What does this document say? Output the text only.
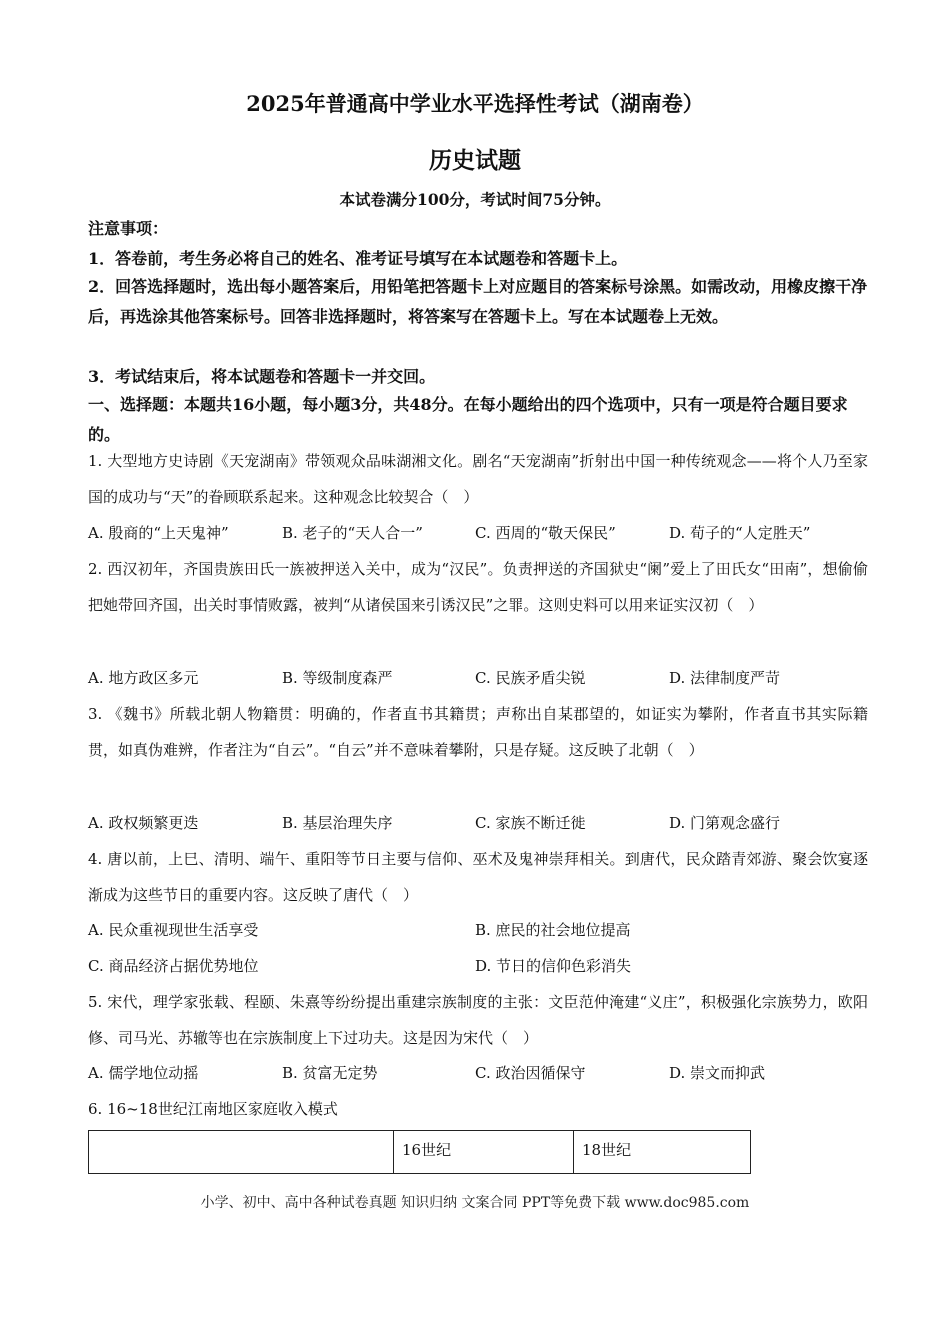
2025年普通高中学业水平选择性考试（湖南卷）
历史试题
本试卷满分100分，考试时间75分钟。
注意事项：
1．答卷前，考生务必将自己的姓名、准考证号填写在本试题卷和答题卡上。
2．回答选择题时，选出每小题答案后，用铅笔把答题卡上对应题目的答案标号涂黑。如需改动，用橡皮擦干净后，再选涂其他答案标号。回答非选择题时，将答案写在答题卡上。写在本试题卷上无效。
3．考试结束后，将本试题卷和答题卡一并交回。
一、选择题：本题共16小题，每小题3分，共48分。在每小题给出的四个选项中，只有一项是符合题目要求的。
1. 大型地方史诗剧《天宠湖南》带领观众品味湖湘文化。剧名“天宠湖南”折射出中国一种传统观念——将个人乃至家国的成功与“天”的眷顾联系起来。这种观念比较契合（　）
A. 殷商的“上天鬼神”	B. 老子的“天人合一”	C. 西周的“敬天保民”	D. 荀子的“人定胜天”
2. 西汉初年，齐国贵族田氏一族被押送入关中，成为“汉民”。负责押送的齐国狱史“阑”爱上了田氏女“田南”，想偷偷把她带回齐国，出关时事情败露，被判“从诸侯国来引诱汉民”之罪。这则史料可以用来证实汉初（　）
A. 地方政区多元	B. 等级制度森严	C. 民族矛盾尖锐	D. 法律制度严苛
3. 《魏书》所载北朝人物籍贯：明确的，作者直书其籍贯；声称出自某郡望的，如证实为攀附，作者直书其实际籍贯，如真伪难辨，作者注为“自云”。“自云”并不意味着攀附，只是存疑。这反映了北朝（　）
A. 政权频繁更迭	B. 基层治理失序	C. 家族不断迁徙	D. 门第观念盛行
4. 唐以前，上巳、清明、端午、重阳等节日主要与信仰、巫术及鬼神崇拜相关。到唐代，民众踏青郊游、聚会饮宴逐渐成为这些节日的重要内容。这反映了唐代（　）
A. 民众重视现世生活享受	B. 庶民的社会地位提高
C. 商品经济占据优势地位	D. 节日的信仰色彩消失
5. 宋代，理学家张载、程颐、朱熹等纷纷提出重建宗族制度的主张：文臣范仲淹建“义庄”，积极强化宗族势力，欧阳修、司马光、苏辙等也在宗族制度上下过功夫。这是因为宋代（　）
A. 儒学地位动摇	B. 贫富无定势	C. 政治因循保守	D. 崇文而抑武
6. 16~18世纪江南地区家庭收入模式
	16世纪	18世纪
小学、初中、高中各种试卷真题 知识归纳 文案合同 PPT等免费下载 www.doc985.com
